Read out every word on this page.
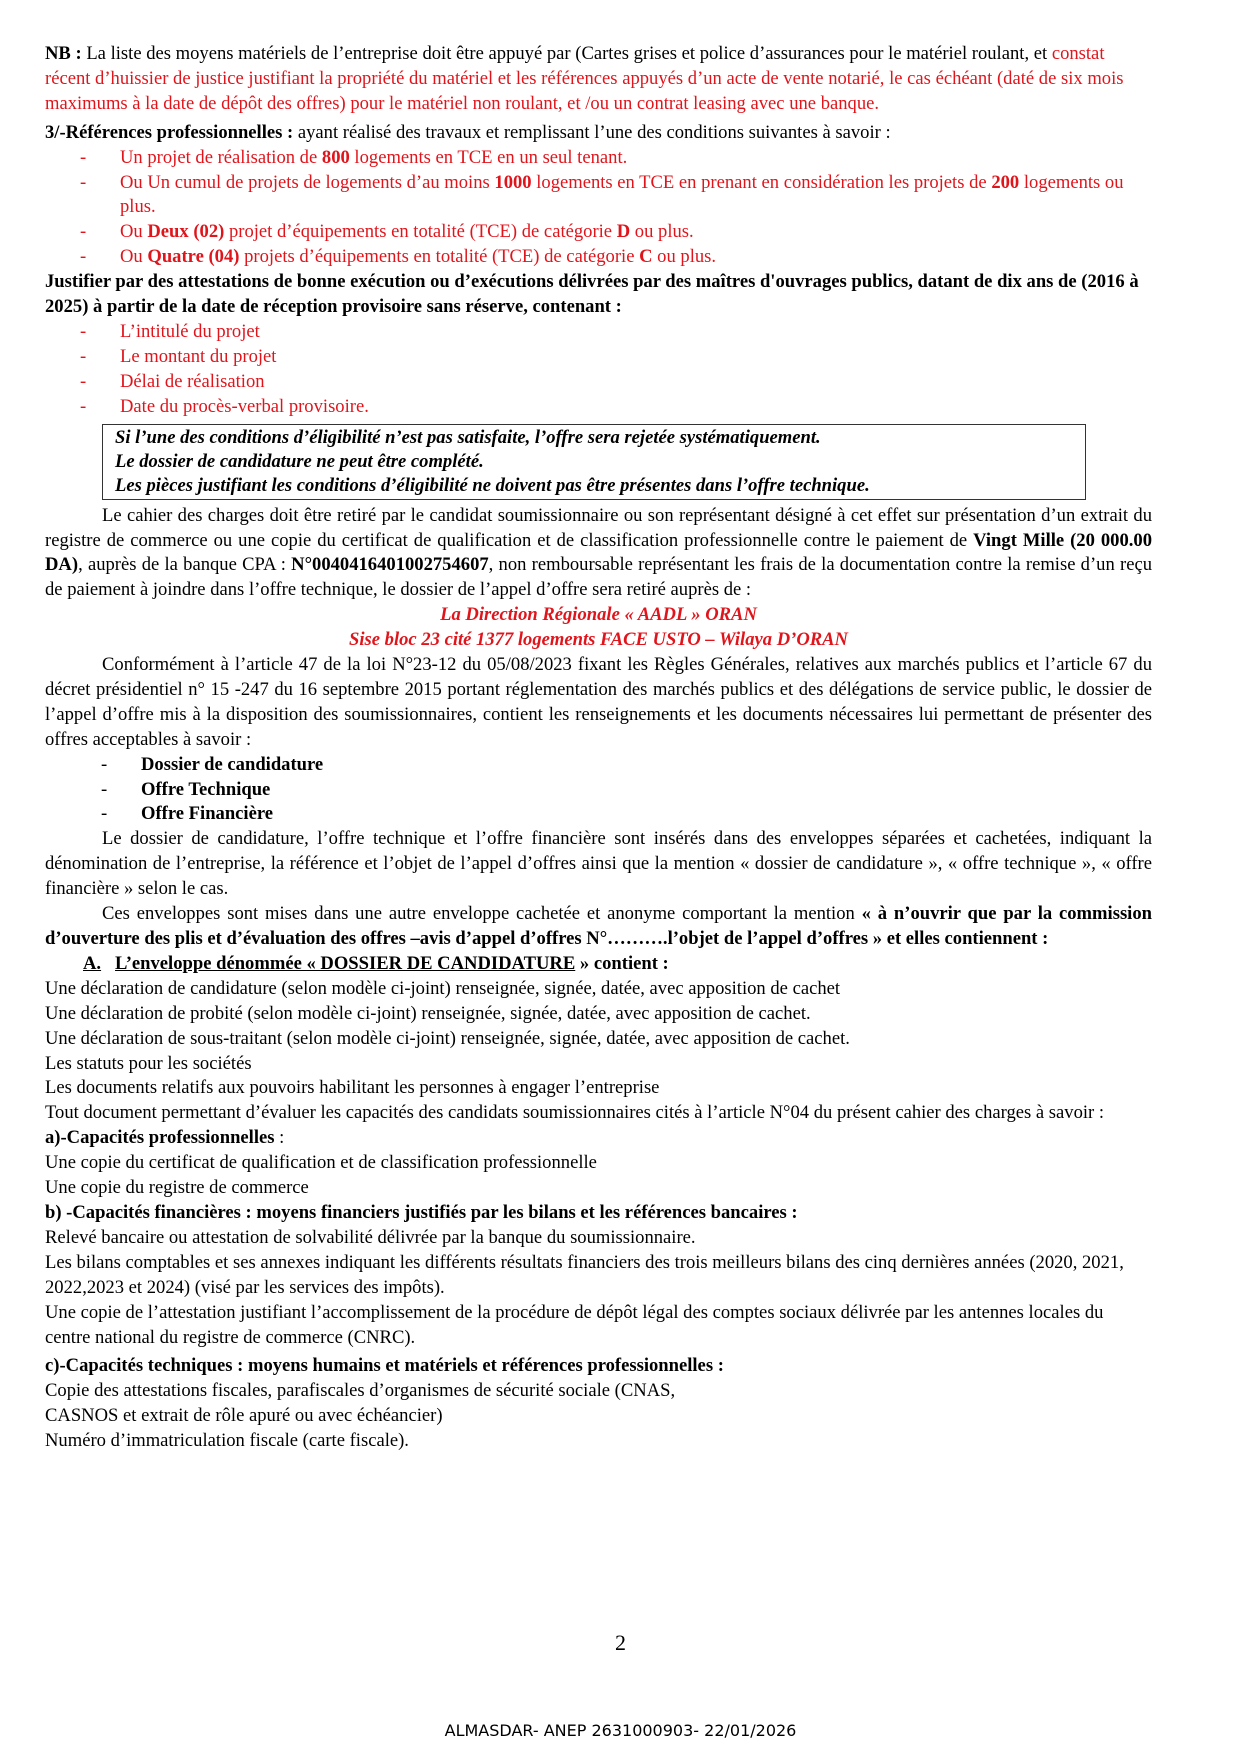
NB : La liste des moyens matériels de l’entreprise doit être appuyé par (Cartes grises et police d’assurances pour le matériel roulant, et constat récent d’huissier de justice justifiant la propriété du matériel et les références appuyés d’un acte de vente notarié, le cas échéant (daté de six mois maximums à la date de dépôt des offres) pour le matériel non roulant, et /ou un contrat leasing avec une banque.

3/-Références professionnelles : ayant réalisé des travaux et remplissant l’une des conditions suivantes à savoir :

- Un projet de réalisation de 800 logements en TCE en un seul tenant.
- Ou Un cumul de projets de logements d’au moins 1000 logements en TCE en prenant en considération les projets de 200 logements ou plus.
- Ou Deux (02) projet d’équipements en totalité (TCE) de catégorie D ou plus.
- Ou Quatre (04) projets d’équipements en totalité (TCE) de catégorie C ou plus.

Justifier par des attestations de bonne exécution ou d’exécutions délivrées par des maîtres d'ouvrages publics, datant de dix ans de (2016 à 2025) à partir de la date de réception provisoire sans réserve, contenant :

- L’intitulé du projet
- Le montant du projet
- Délai de réalisation
- Date du procès-verbal provisoire.
Si l’une des conditions d’éligibilité n’est pas satisfaite, l’offre sera rejetée systématiquement.
Le dossier de candidature ne peut être complété.
Les pièces justifiant les conditions d’éligibilité ne doivent pas être présentes dans l’offre technique.

Le cahier des charges doit être retiré par le candidat soumissionnaire ou son représentant désigné à cet effet sur présentation d’un extrait du registre de commerce ou une copie du certificat de qualification et de classification professionnelle contre le paiement de Vingt Mille (20 000.00 DA), auprès de la banque CPA : N°0040416401002754607, non remboursable représentant les frais de la documentation contre la remise d’un reçu de paiement à joindre dans l’offre technique, le dossier de l’appel d’offre sera retiré auprès de :

La Direction Régionale « AADL » ORAN

Sise bloc 23 cité 1377 logements FACE USTO – Wilaya D’ORAN

Conformément à l’article 47 de la loi N°23-12 du 05/08/2023 fixant les Règles Générales, relatives aux marchés publics et l’article 67 du décret présidentiel n° 15 -247 du 16 septembre 2015 portant réglementation des marchés publics et des délégations de service public, le dossier de l’appel d’offre mis à la disposition des soumissionnaires, contient les renseignements et les documents nécessaires lui permettant de présenter des offres acceptables à savoir :

- Dossier de candidature
- Offre Technique
- Offre Financière

Le dossier de candidature, l’offre technique et l’offre financière sont insérés dans des enveloppes séparées et cachetées, indiquant la dénomination de l’entreprise, la référence et l’objet de l’appel d’offres ainsi que la mention « dossier de candidature », « offre technique », « offre financière » selon le cas.

Ces enveloppes sont mises dans une autre enveloppe cachetée et anonyme comportant la mention « à n’ouvrir que par la commission d’ouverture des plis et d’évaluation des offres –avis d’appel d’offres N°……….l’objet de l’appel d’offres » et elles contiennent :

A. L’enveloppe dénommée « DOSSIER DE CANDIDATURE » contient :

Une déclaration de candidature (selon modèle ci-joint) renseignée, signée, datée, avec apposition de cachet

Une déclaration de probité (selon modèle ci-joint) renseignée, signée, datée, avec apposition de cachet.

Une déclaration de sous-traitant (selon modèle ci-joint) renseignée, signée, datée, avec apposition de cachet.

Les statuts pour les sociétés

Les documents relatifs aux pouvoirs habilitant les personnes à engager l’entreprise

Tout document permettant d’évaluer les capacités des candidats soumissionnaires cités à l’article N°04 du présent cahier des charges à savoir :

a)-Capacités professionnelles :

Une copie du certificat de qualification et de classification professionnelle

Une copie du registre de commerce

b) -Capacités financières : moyens financiers justifiés par les bilans et les références bancaires :

Relevé bancaire ou attestation de solvabilité délivrée par la banque du soumissionnaire.

Les bilans comptables et ses annexes indiquant les différents résultats financiers des trois meilleurs bilans des cinq dernières années (2020, 2021, 2022,2023 et 2024) (visé par les services des impôts).

Une copie de l’attestation justifiant l’accomplissement de la procédure de dépôt légal des comptes sociaux délivrée par les antennes locales du centre national du registre de commerce (CNRC).

c)-Capacités techniques : moyens humains et matériels et références professionnelles :

Copie des attestations fiscales, parafiscales d’organismes de sécurité sociale (CNAS,

CASNOS et extrait de rôle apuré ou avec échéancier)

Numéro d’immatriculation fiscale (carte fiscale).

2
ALMASDAR- ANEP 2631000903- 22/01/2026
